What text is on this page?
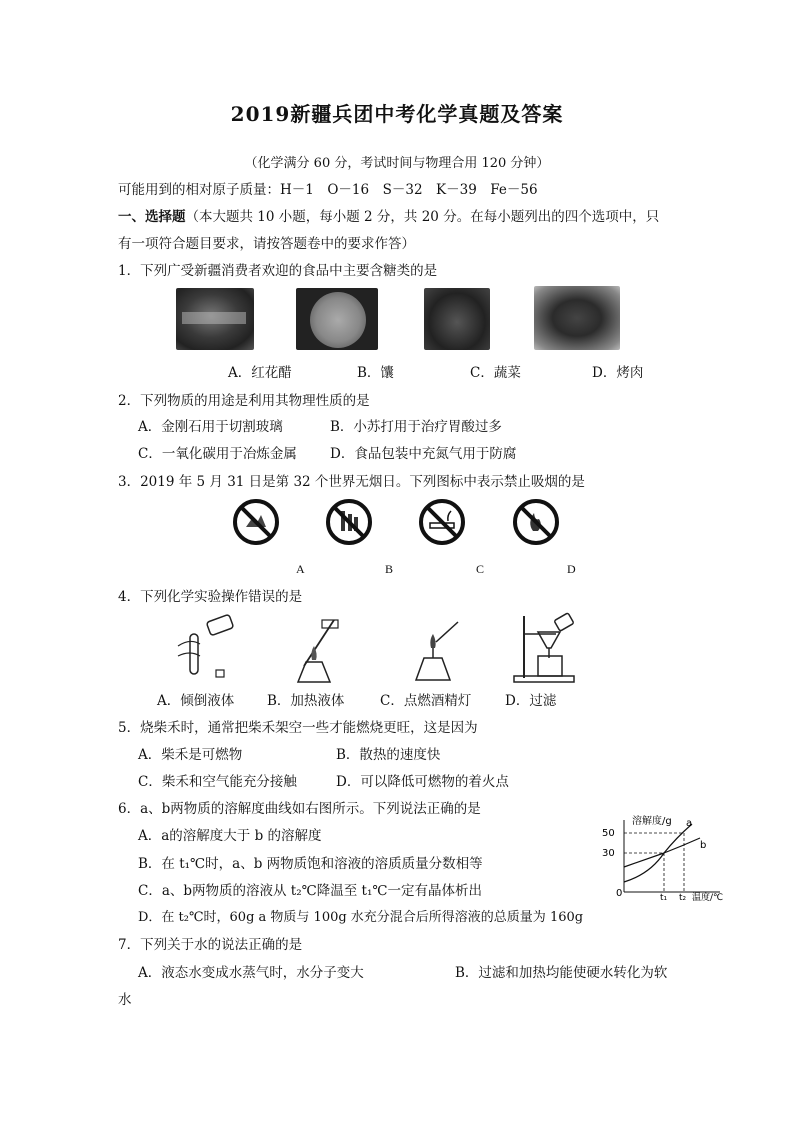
2019新疆兵团中考化学真题及答案
（化学满分 60 分，考试时间与物理合用 120 分钟）
可能用到的相对原子质量：H－1　O－16　S－32　K－39　Fe－56
一、选择题（本大题共 10 小题，每小题 2 分，共 20 分。在每小题列出的四个选项中，只
有一项符合题目要求，请按答题卷中的要求作答）
1．下列广受新疆消费者欢迎的食品中主要含糖类的是
A．红花醋	B．馕	C．蔬菜	D．烤肉
2．下列物质的用途是利用其物理性质的是
A．金刚石用于切割玻璃	B．小苏打用于治疗胃酸过多
C．一氧化碳用于冶炼金属 D．食品包装中充氮气用于防腐
3．2019 年 5 月 31 日是第 32 个世界无烟日。下列图标中表示禁止吸烟的是
A	B	C	D
4．下列化学实验操作错误的是
A．倾倒液体 B．加热液体	C．点燃酒精灯 D．过滤
5．烧柴禾时，通常把柴禾架空一些才能燃烧更旺，这是因为
A．柴禾是可燃物	B．散热的速度快
C．柴禾和空气能充分接触	D．可以降低可燃物的着火点
6．a、b两物质的溶解度曲线如右图所示。下列说法正确的是
A．a的溶解度大于 b 的溶解度
B．在 t₁℃时，a、b 两物质饱和溶液的溶质质量分数相等
C．a、b两物质的溶液从 t₂℃降温至 t₁℃一定有晶体析出
D．在 t₂℃时，60g a 物质与 100g 水充分混合后所得溶液的总质量为 160g
溶解度/g
50
30
0	t₁ t₂ 温度/℃
a
b
7．下列关于水的说法正确的是
A．液态水变成水蒸气时，水分子变大	B．过滤和加热均能使硬水转化为软
水
